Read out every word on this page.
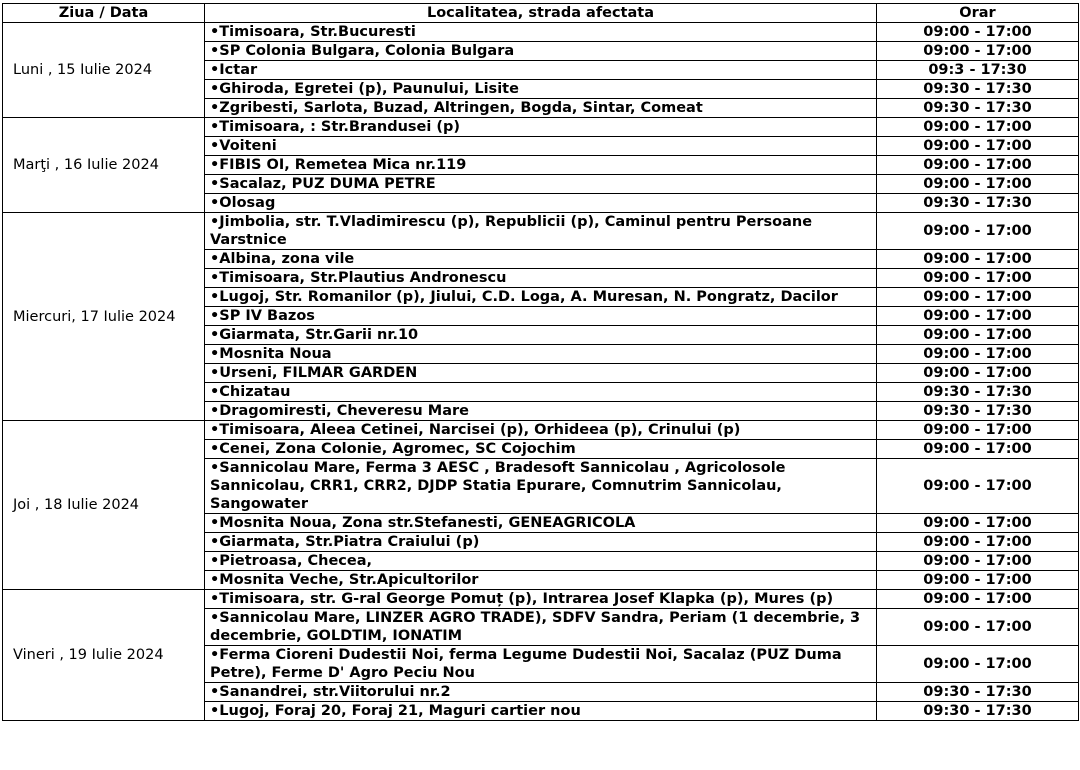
Ziua / Data	Localitatea, strada afectata	Orar
Luni , 15 Iulie 2024	•Timisoara, Str.Bucuresti	09:00 - 17:00
	•SP Colonia Bulgara, Colonia Bulgara	09:00 - 17:00
	•Ictar	09:3 - 17:30
	•Ghiroda, Egretei (p), Paunului, Lisite	09:30 - 17:30
	•Zgribesti, Sarlota, Buzad, Altringen, Bogda, Sintar, Comeat	09:30 - 17:30
Marţi , 16 Iulie 2024	•Timisoara, : Str.Brandusei (p)	09:00 - 17:00
	•Voiteni	09:00 - 17:00
	•FIBIS OI, Remetea Mica nr.119	09:00 - 17:00
	•Sacalaz, PUZ DUMA PETRE	09:00 - 17:00
	•Olosag	09:30 - 17:30
Miercuri, 17 Iulie 2024	•Jimbolia, str. T.Vladimirescu (p), Republicii (p), Caminul pentru Persoane Varstnice	09:00 - 17:00
	•Albina, zona vile	09:00 - 17:00
	•Timisoara, Str.Plautius Andronescu	09:00 - 17:00
	•Lugoj, Str. Romanilor (p), Jiului, C.D. Loga, A. Muresan, N. Pongratz, Dacilor	09:00 - 17:00
	•SP IV Bazos	09:00 - 17:00
	•Giarmata, Str.Garii nr.10	09:00 - 17:00
	•Mosnita Noua	09:00 - 17:00
	•Urseni, FILMAR GARDEN	09:00 - 17:00
	•Chizatau	09:30 - 17:30
	•Dragomiresti, Cheveresu Mare	09:30 - 17:30
Joi , 18 Iulie 2024	•Timisoara, Aleea Cetinei, Narcisei (p), Orhideea (p), Crinului (p)	09:00 - 17:00
	•Cenei, Zona Colonie, Agromec, SC Cojochim	09:00 - 17:00
	•Sannicolau Mare, Ferma 3 AESC , Bradesoft Sannicolau , Agricolosole Sannicolau, CRR1, CRR2, DJDP Statia Epurare, Comnutrim Sannicolau, Sangowater	09:00 - 17:00
	•Mosnita Noua, Zona str.Stefanesti, GENEAGRICOLA	09:00 - 17:00
	•Giarmata, Str.Piatra Craiului (p)	09:00 - 17:00
	•Pietroasa, Checea,	09:00 - 17:00
	•Mosnita Veche, Str.Apicultorilor	09:00 - 17:00
Vineri , 19 Iulie 2024	•Timisoara, str. G-ral George Pomuț (p), Intrarea Josef Klapka (p), Mures (p)	09:00 - 17:00
	•Sannicolau Mare, LINZER AGRO TRADE), SDFV Sandra, Periam (1 decembrie, 3 decembrie, GOLDTIM, IONATIM	09:00 - 17:00
	•Ferma Cioreni Dudestii Noi, ferma Legume Dudestii Noi, Sacalaz (PUZ Duma Petre), Ferme D' Agro Peciu Nou	09:00 - 17:00
	•Sanandrei, str.Viitorului nr.2	09:30 - 17:30
	•Lugoj, Foraj 20, Foraj 21, Maguri cartier nou	09:30 - 17:30
